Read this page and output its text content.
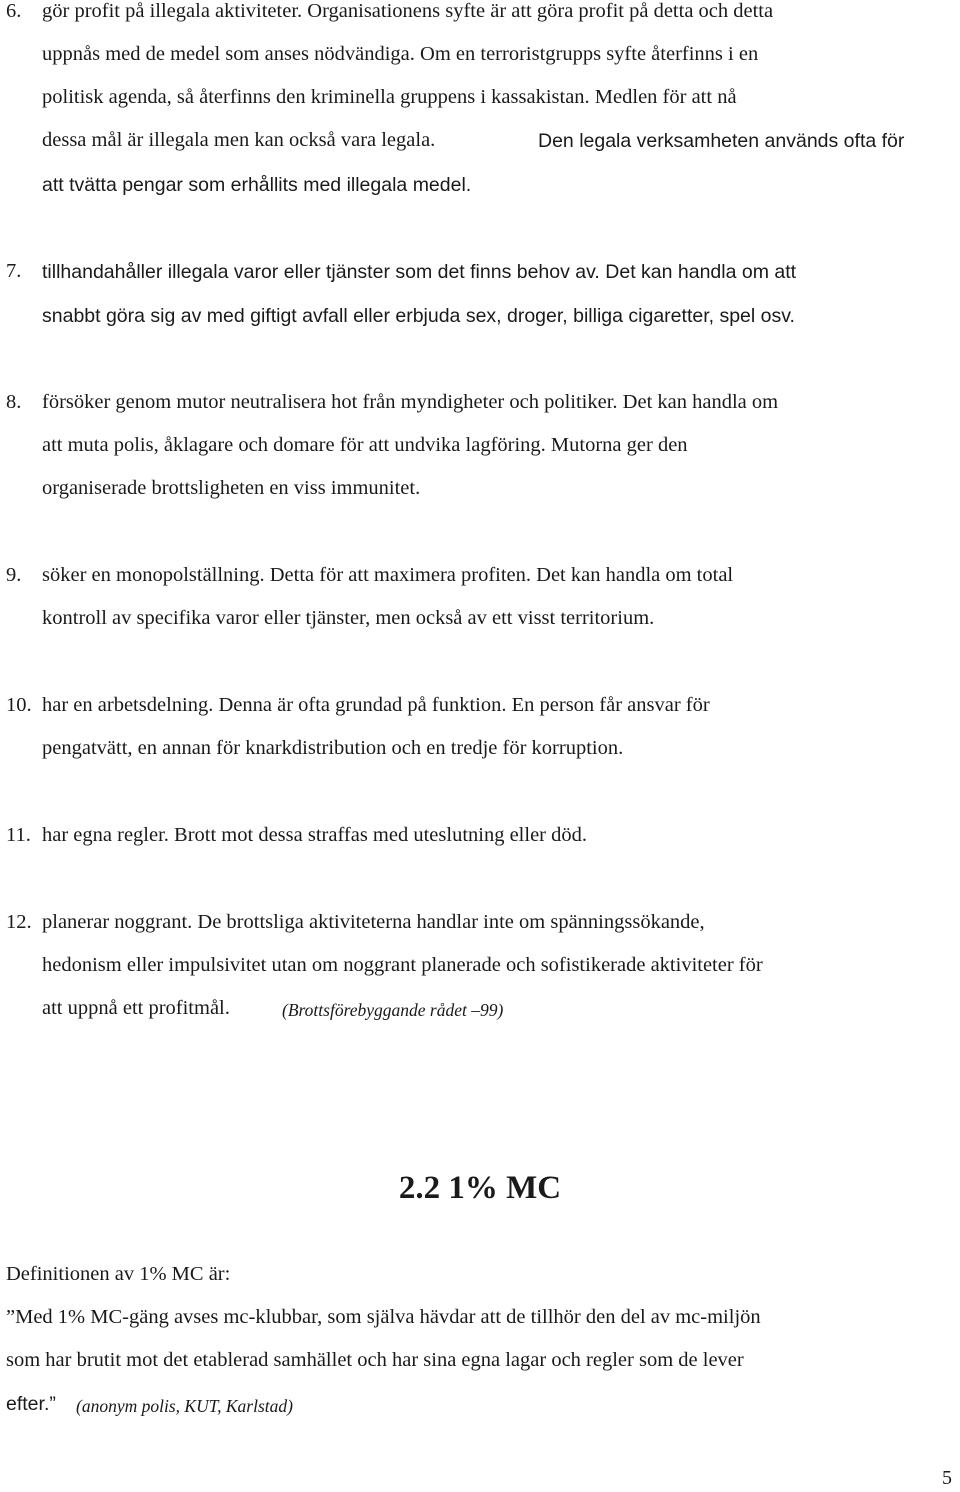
6. gör profit på illegala aktiviteter. Organisationens syfte är att göra profit på detta och detta
uppnås med de medel som anses nödvändiga. Om en terroristgrupps syfte återfinns i en
politisk agenda, så återfinns den kriminella gruppens i kassakistan. Medlen för att nå
dessa mål är illegala men kan också vara legala.	Den legala verksamheten används ofta för
att tvätta pengar som erhållits med illegala medel.
7. tillhandahåller illegala varor eller tjänster som det finns behov av. Det kan handla om att
snabbt göra sig av med giftigt avfall eller erbjuda sex, droger, billiga cigaretter, spel osv.
8. försöker genom mutor neutralisera hot från myndigheter och politiker. Det kan handla om
att muta polis, åklagare och domare för att undvika lagföring. Mutorna ger den
organiserade brottsligheten en viss immunitet.
9. söker en monopolställning. Detta för att maximera profiten. Det kan handla om total
kontroll av specifika varor eller tjänster, men också av ett visst territorium.
10. har en arbetsdelning. Denna är ofta grundad på funktion. En person får ansvar för
pengatvätt, en annan för knarkdistribution och en tredje för korruption.
11. har egna regler. Brott mot dessa straffas med uteslutning eller död.
12. planerar noggrant. De brottsliga aktiviteterna handlar inte om spänningssökande,
hedonism eller impulsivitet utan om noggrant planerade och sofistikerade aktiviteter för
att uppnå ett profitmål.	(Brottsförebyggande rådet –99)
2.2 1% MC
Definitionen av 1% MC är:
”Med 1% MC-gäng avses mc-klubbar, som själva hävdar att de tillhör den del av mc-miljön
som har brutit mot det etablerad samhället och har sina egna lagar och regler som de lever
efter.” (anonym polis, KUT, Karlstad)
5
